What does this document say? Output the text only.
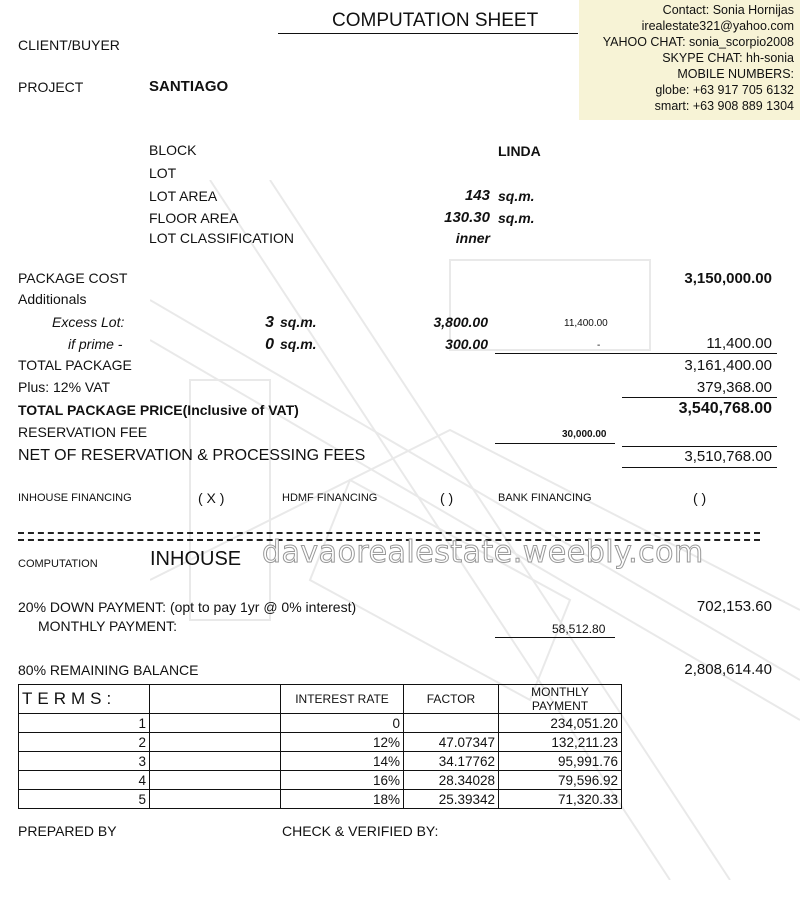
Contact: Sonia Hornijas
irealestate321@yahoo.com
YAHOO CHAT: sonia_scorpio2008
SKYPE CHAT: hh-sonia
MOBILE NUMBERS:
globe: +63 917 705 6132
smart: +63 908 889 1304
COMPUTATION SHEET
CLIENT/BUYER
PROJECT	SANTIAGO
BLOCK	LINDA
LOT
LOT AREA	143 sq.m.
FLOOR AREA	130.30 sq.m.
LOT CLASSIFICATION	inner
PACKAGE COST	3,150,000.00
Additionals
Excess Lot:	3 sq.m.	3,800.00	11,400.00
if prime -	0 sq.m.	300.00	-	11,400.00
TOTAL PACKAGE	3,161,400.00
Plus: 12% VAT	379,368.00
TOTAL PACKAGE PRICE(Inclusive of VAT)	3,540,768.00
RESERVATION FEE	30,000.00
NET OF RESERVATION & PROCESSING FEES	3,510,768.00
INHOUSE FINANCING	( X )	HDMF FINANCING	( )	BANK FINANCING	( )
COMPUTATION	INHOUSE davaorealestate.weebly.com
20% DOWN PAYMENT: (opt to pay 1yr @ 0% interest)	702,153.60
MONTHLY PAYMENT:	58,512.80
80% REMAINING BALANCE	2,808,614.40
TERMS:		INTEREST RATE	FACTOR	MONTHLY PAYMENT
1		0		234,051.20
2		12%	47.07347	132,211.23
3		14%	34.17762	95,991.76
4		16%	28.34028	79,596.92
5		18%	25.39342	71,320.33
PREPARED BY	CHECK & VERIFIED BY:
